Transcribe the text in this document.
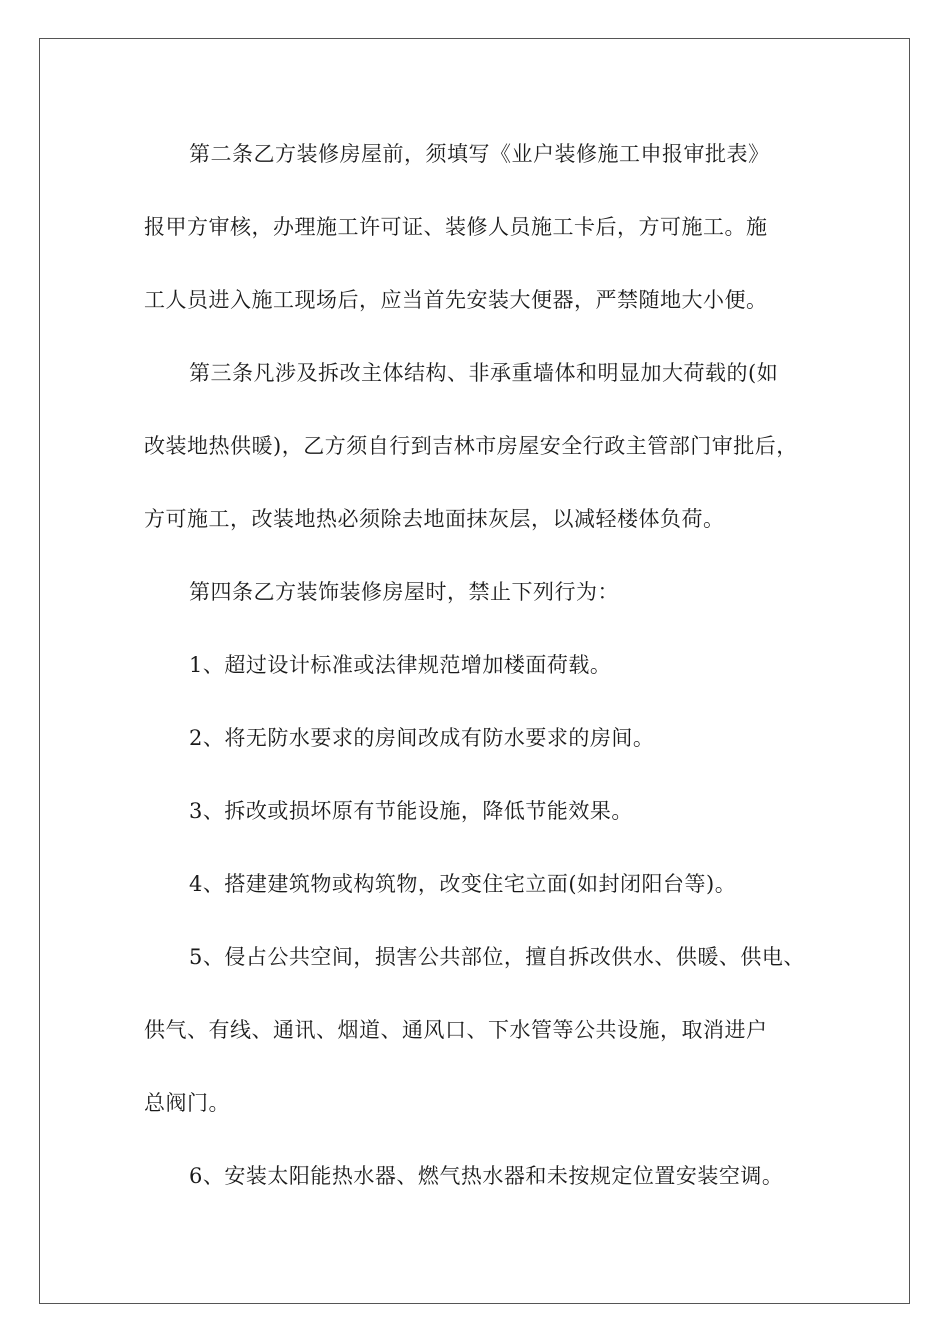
第二条乙方装修房屋前，须填写《业户装修施工申报审批表》
报甲方审核，办理施工许可证、装修人员施工卡后，方可施工。施
工人员进入施工现场后，应当首先安装大便器，严禁随地大小便。
第三条凡涉及拆改主体结构、非承重墙体和明显加大荷载的(如
改装地热供暖)，乙方须自行到吉林市房屋安全行政主管部门审批后，
方可施工，改装地热必须除去地面抹灰层，以减轻楼体负荷。
第四条乙方装饰装修房屋时，禁止下列行为：
1、超过设计标准或法律规范增加楼面荷载。
2、将无防水要求的房间改成有防水要求的房间。
3、拆改或损坏原有节能设施，降低节能效果。
4、搭建建筑物或构筑物，改变住宅立面(如封闭阳台等)。
5、侵占公共空间，损害公共部位，擅自拆改供水、供暖、供电、
供气、有线、通讯、烟道、通风口、下水管等公共设施，取消进户
总阀门。
6、安装太阳能热水器、燃气热水器和未按规定位置安装空调。
